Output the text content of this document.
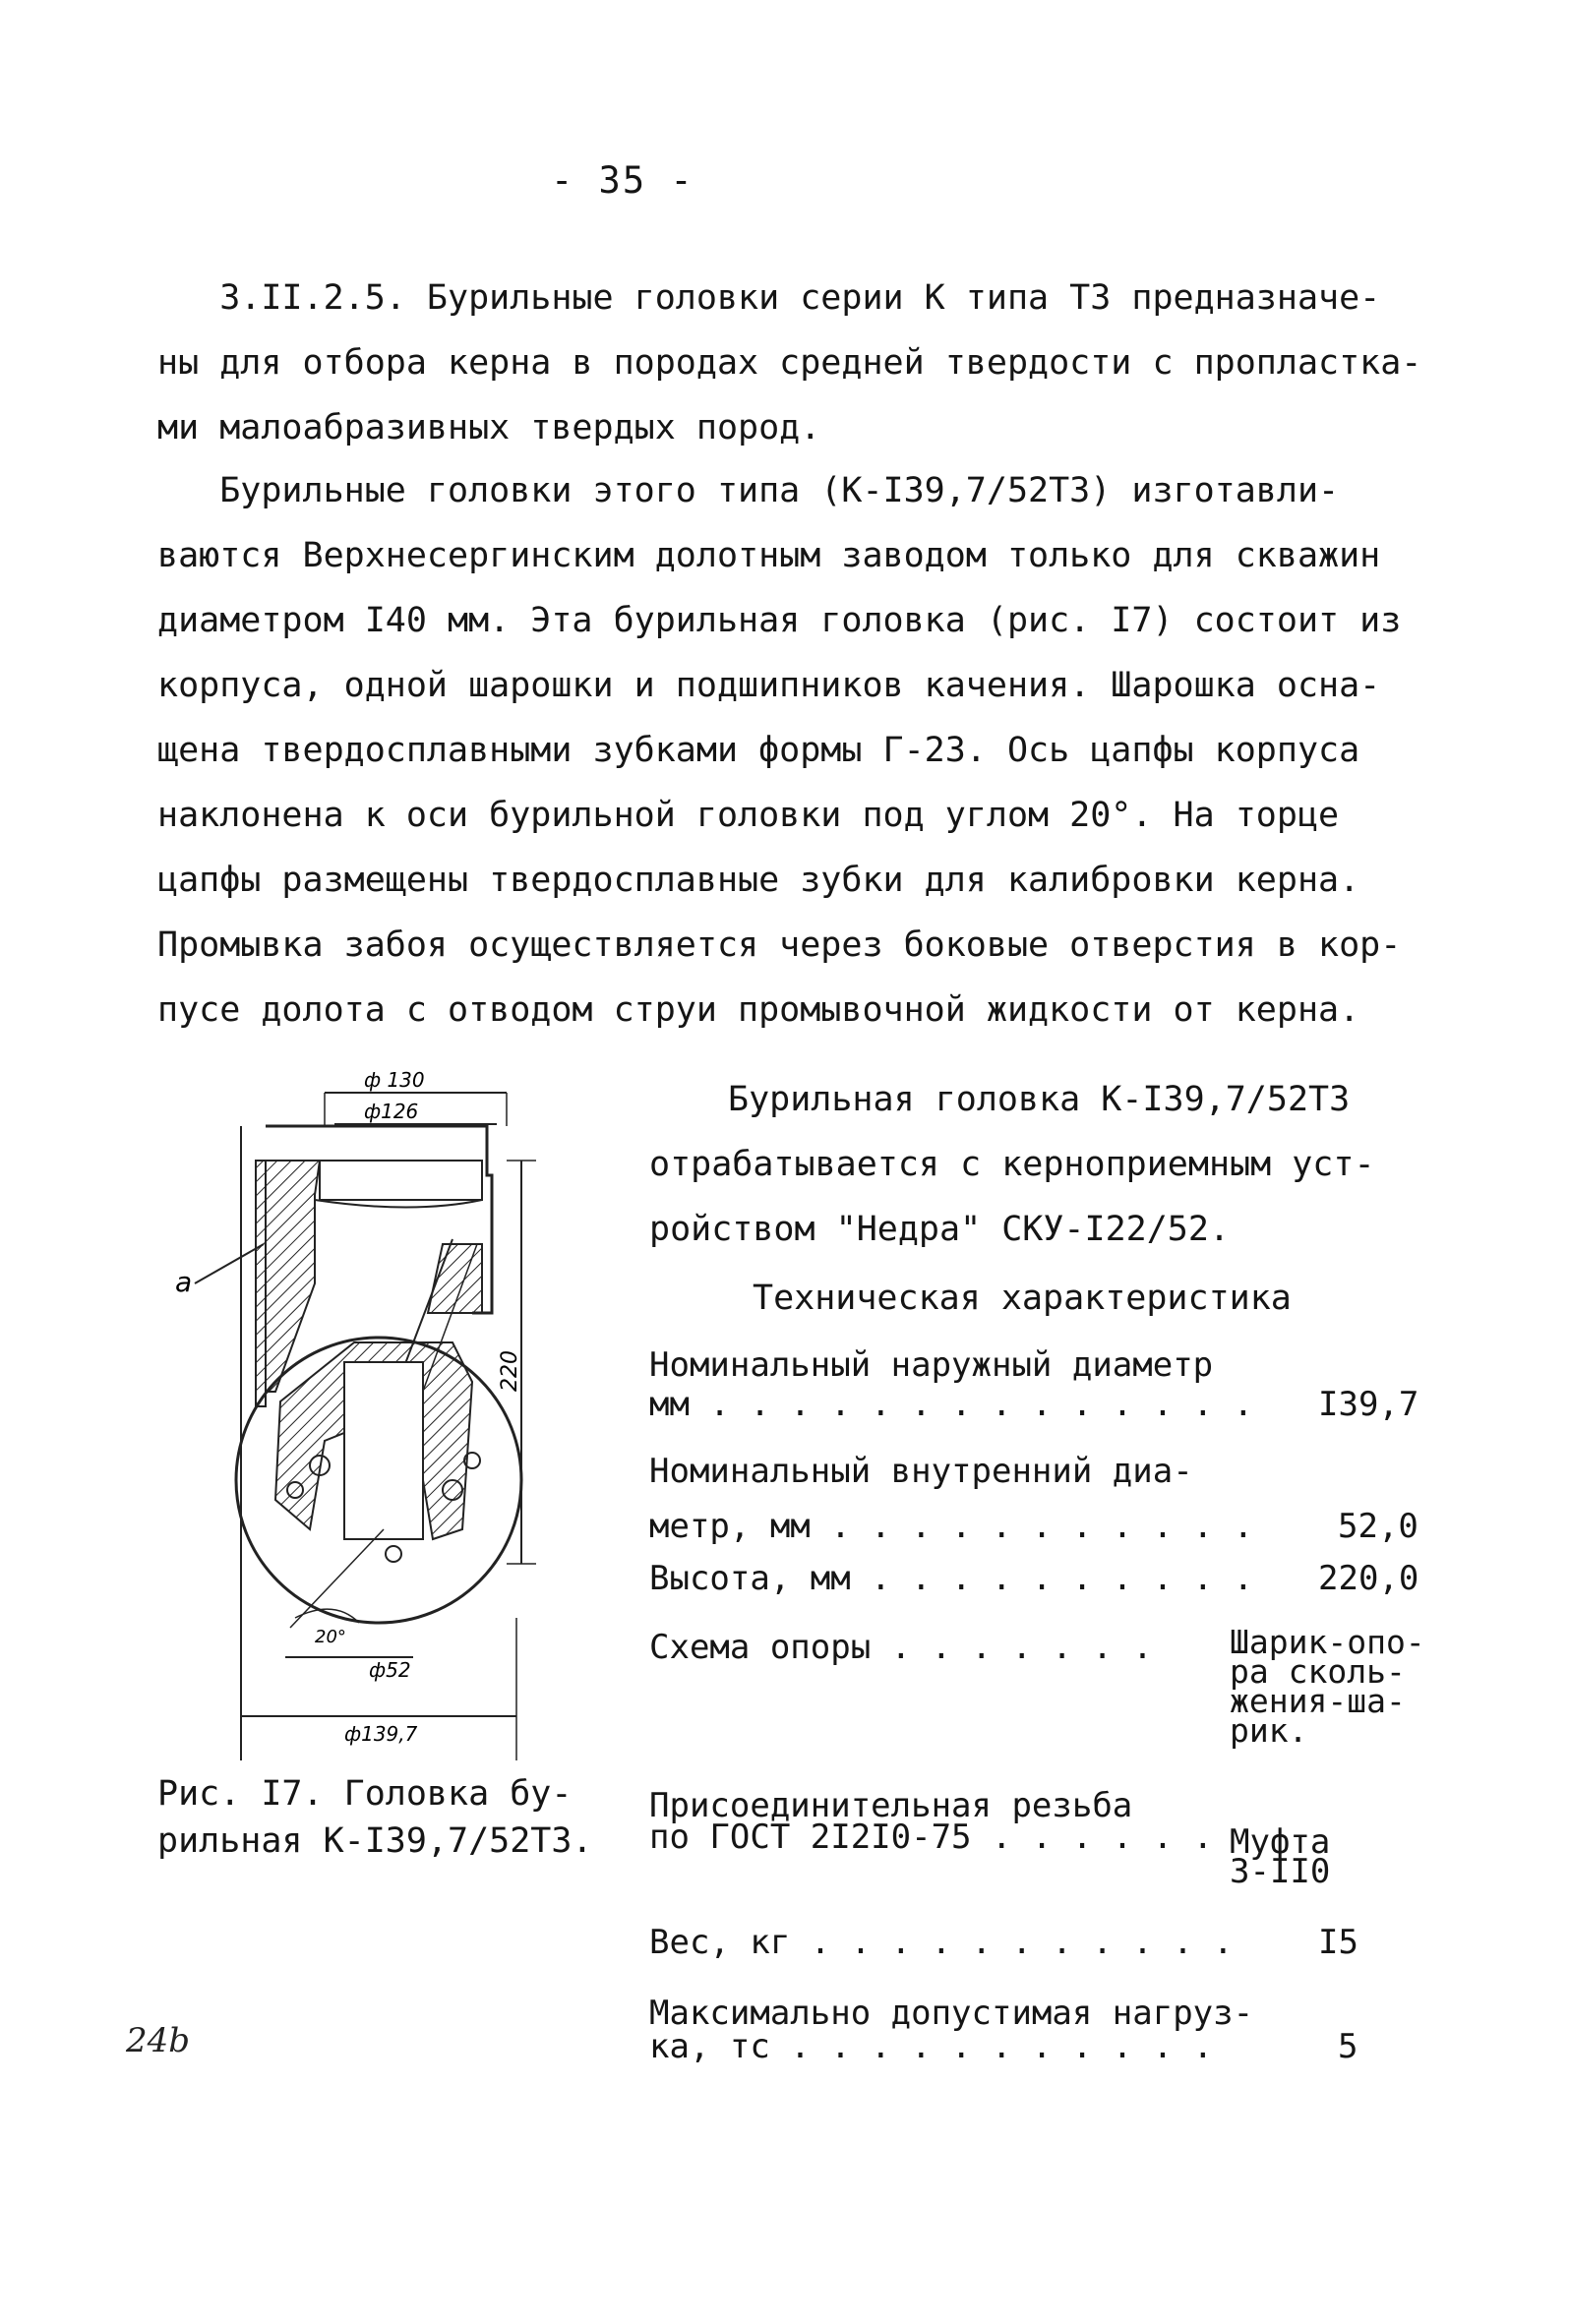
- 35 -

3.II.2.5. Бурильные головки серии К типа ТЗ предназначе-
ны для отбора керна в породах средней твердости с пропластка-
ми малоабразивных твердых пород.

Бурильные головки этого типа (К-I39,7/52ТЗ) изготавли-
ваются Верхнесергинским долотным заводом только для скважин
диаметром I40 мм. Эта бурильная головка (рис. I7) состоит из
корпуса, одной шарошки и подшипников качения. Шарошка осна-
щена твердосплавными зубками формы Г-23. Ось цапфы корпуса
наклонена к оси бурильной головки под углом 20°. На торце
цапфы размещены твердосплавные зубки для калибровки керна.
Промывка забоя осуществляется через боковые отверстия в кор-
пусе долота с отводом струи промывочной жидкости от керна.

ф 130
ф126
220
а
20°
ф52
ф139,7
Рис. I7. Головка бу-
рильная К-I39,7/52ТЗ.
Бурильная головка К-I39,7/52ТЗ
отрабатывается с керноприемным уст-
ройством "Недра" СКУ-I22/52.
Техническая характеристика
Номинальный наружный диаметр
мм . . . . . . . . . . . . . .	I39,7
Номинальный внутренний диа-
метр, мм . . . . . . . . . . .	52,0
Высота, мм . . . . . . . . . .	220,0
Схема опоры . . . . . . .	Шарик-опо-
ра сколь-
жения-ша-
рик.
Присоединительная резьба
по ГОСТ 2I2I0-75 . . . . . . Муфта
3-II0
Вес, кг . . . . . . . . . . .	I5
Максимально допустимая нагруз-
ка, тс . . . . . . . . . . .	5
24b
